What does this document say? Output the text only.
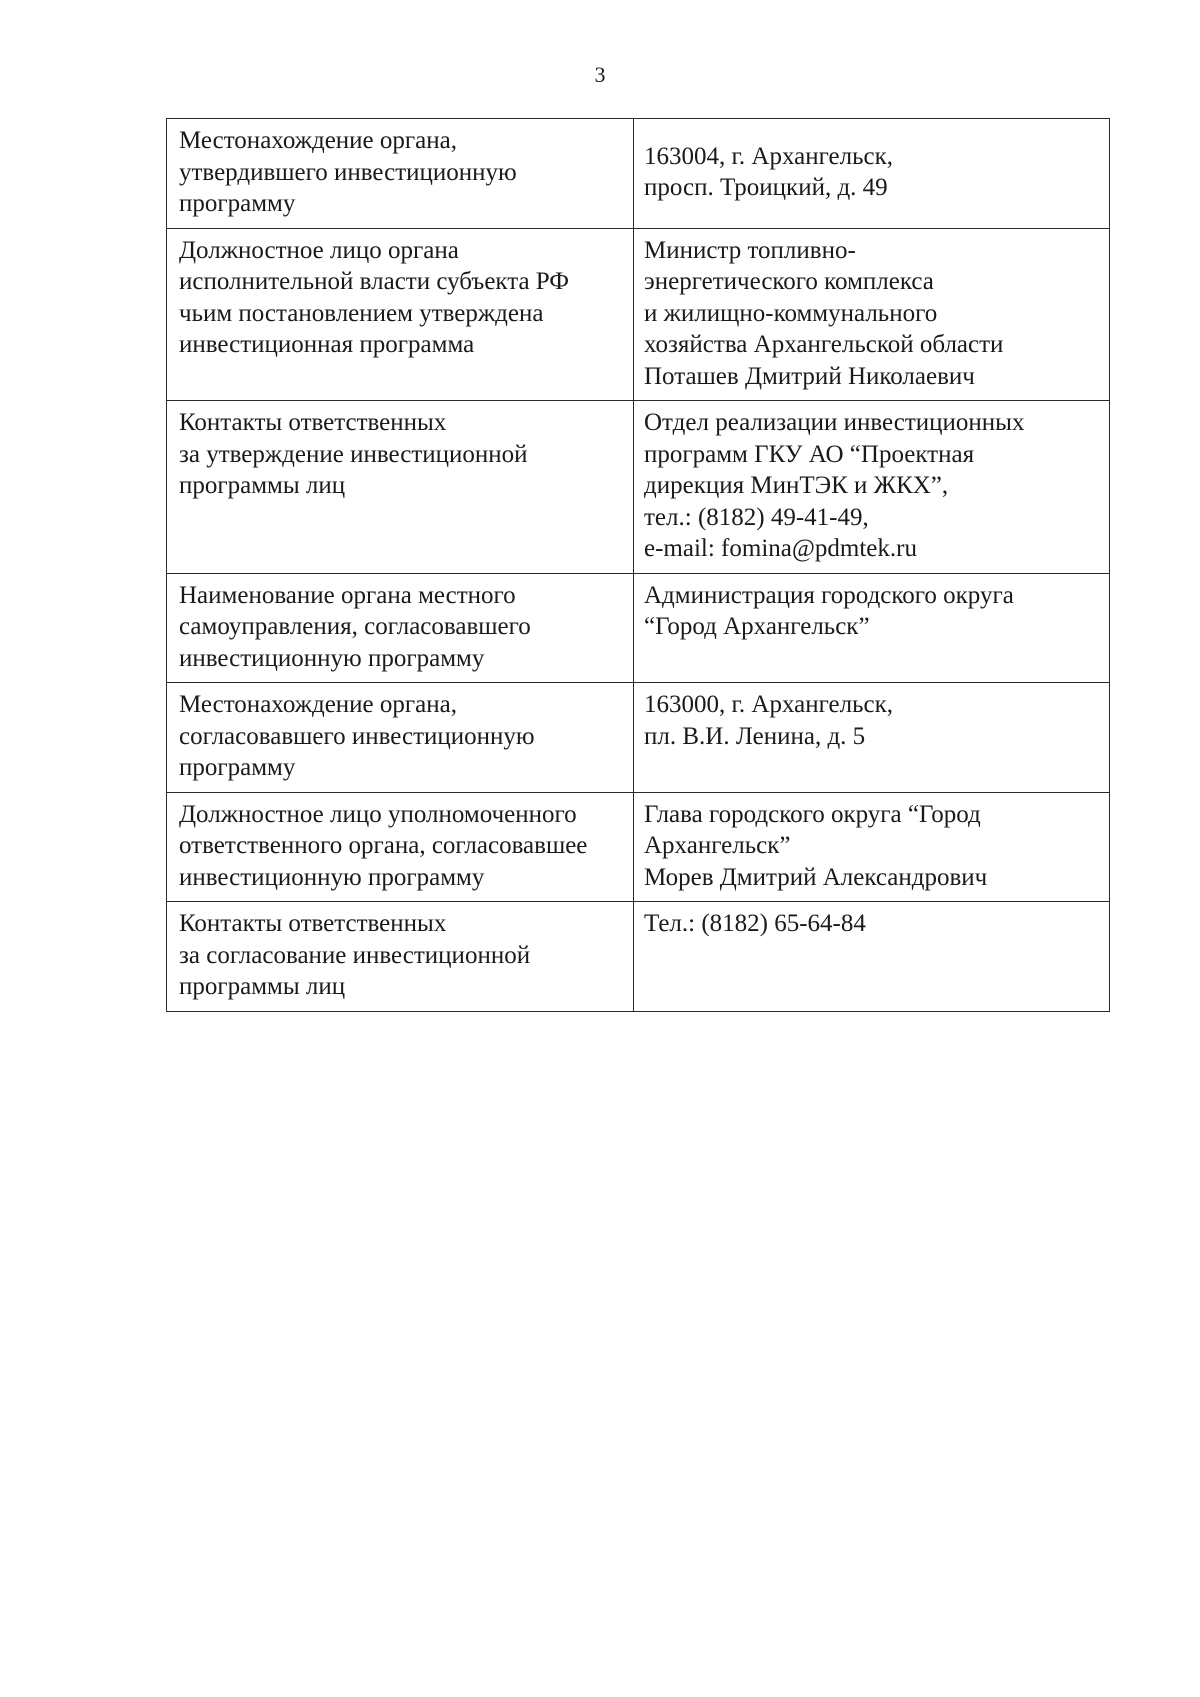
3
Местонахождение органа,
утвердившего инвестиционную
программу	163004, г. Архангельск,
просп. Троицкий, д. 49
Должностное лицо органа
исполнительной власти субъекта РФ
чьим постановлением утверждена
инвестиционная программа	Министр топливно-
энергетического комплекса
и жилищно-коммунального
хозяйства Архангельской области
Поташев Дмитрий Николаевич
Контакты ответственных
за утверждение инвестиционной
программы лиц	Отдел реализации инвестиционных
программ ГКУ АО “Проектная
дирекция МинТЭК и ЖКХ”,
тел.: (8182) 49-41-49,
e-mail: fomina@pdmtek.ru
Наименование органа местного
самоуправления, согласовавшего
инвестиционную программу	Администрация городского округа
“Город Архангельск”
Местонахождение органа,
согласовавшего инвестиционную
программу	163000, г. Архангельск,
пл. В.И. Ленина, д. 5
Должностное лицо уполномоченного
ответственного органа, согласовавшее
инвестиционную программу	Глава городского округа “Город
Архангельск”
Морев Дмитрий Александрович
Контакты ответственных
за согласование инвестиционной
программы лиц	Тел.: (8182) 65-64-84
